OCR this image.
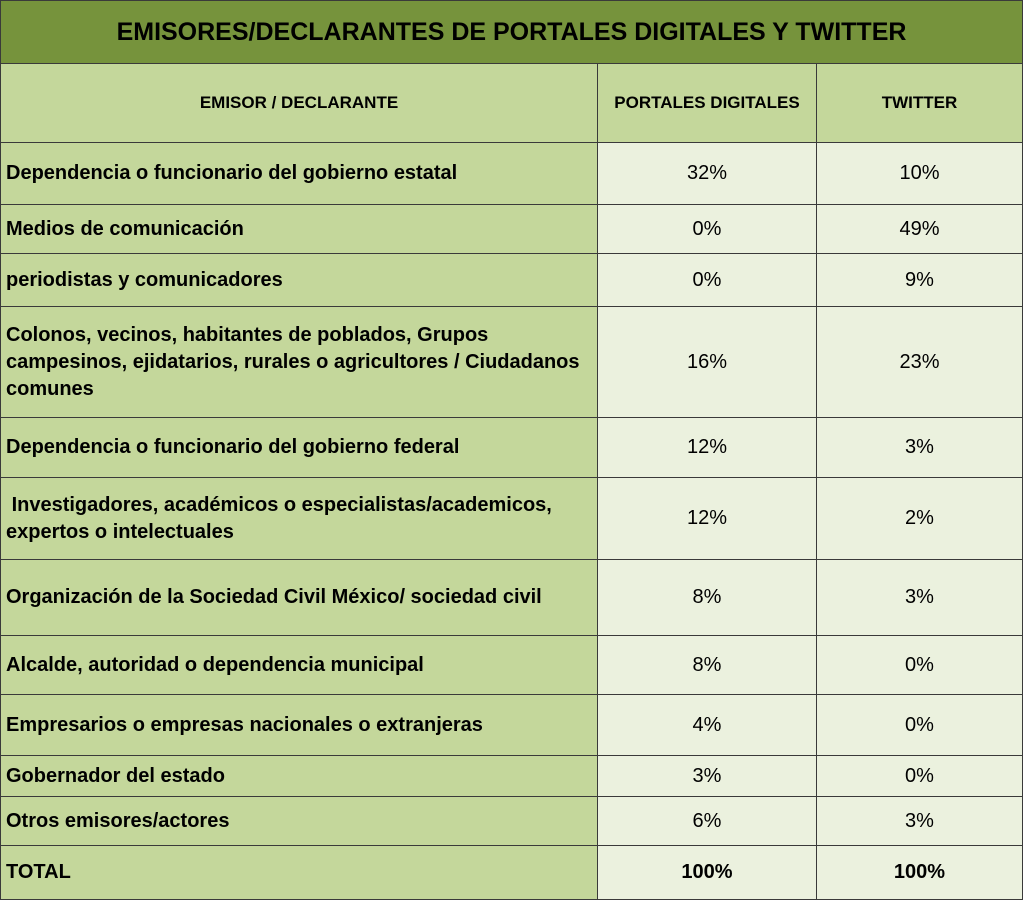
EMISORES/DECLARANTES DE PORTALES DIGITALES Y TWITTER		
EMISOR / DECLARANTE	PORTALES DIGITALES	TWITTER
Dependencia o funcionario del gobierno estatal	32%	10%
Medios de comunicación	0%	49%
periodistas y comunicadores	0%	9%
Colonos, vecinos, habitantes de poblados, Grupos campesinos, ejidatarios, rurales o agricultores / Ciudadanos comunes	16%	23%
Dependencia o funcionario del gobierno federal	12%	3%
Investigadores, académicos o especialistas/academicos, expertos o intelectuales	12%	2%
Organización de la Sociedad Civil México/ sociedad civil	8%	3%
Alcalde, autoridad o dependencia municipal	8%	0%
Empresarios o empresas nacionales o extranjeras	4%	0%
Gobernador del estado	3%	0%
Otros emisores/actores	6%	3%
TOTAL	100%	100%
